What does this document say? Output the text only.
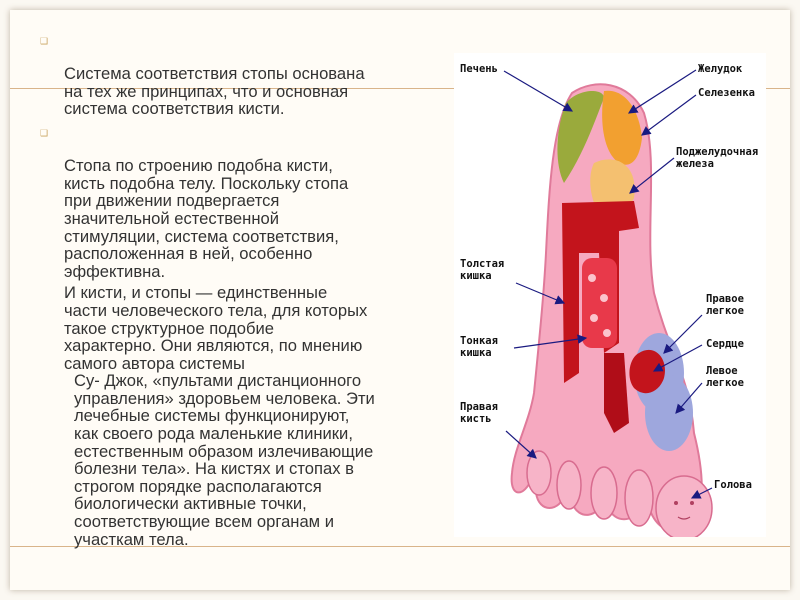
❑

Система соответствия стопы основана
на тех же принципах, что и основная
система соответствия кисти.

❑

Стопа по строению подобна кисти,
кисть подобна телу. Поскольку стопа
при движении подвергается
значительной естественной
стимуляции, система соответствия,
расположенная в ней, особенно
эффективна.

И кисти, и стопы — единственные
части человеческого тела, для которых
такое структурное подобие
характерно. Они являются, по мнению
самого автора системы

Су- Джок, «пультами дистанционного
управления» здоровьем человека. Эти
лечебные системы функционируют,
как своего рода маленькие клиники,
естественным образом излечивающие
болезни тела». На кистях и стопах в
строгом порядке располагаются
биологически активные точки,
соответствующие всем органам и
участкам тела.

Печень	Желудок
Селезенка
Поджелудочная
железа
Толстая
кишка
Правое
легкое
Тонкая
кишка
Сердце
Левое
легкое
Правая
кисть
Голова
